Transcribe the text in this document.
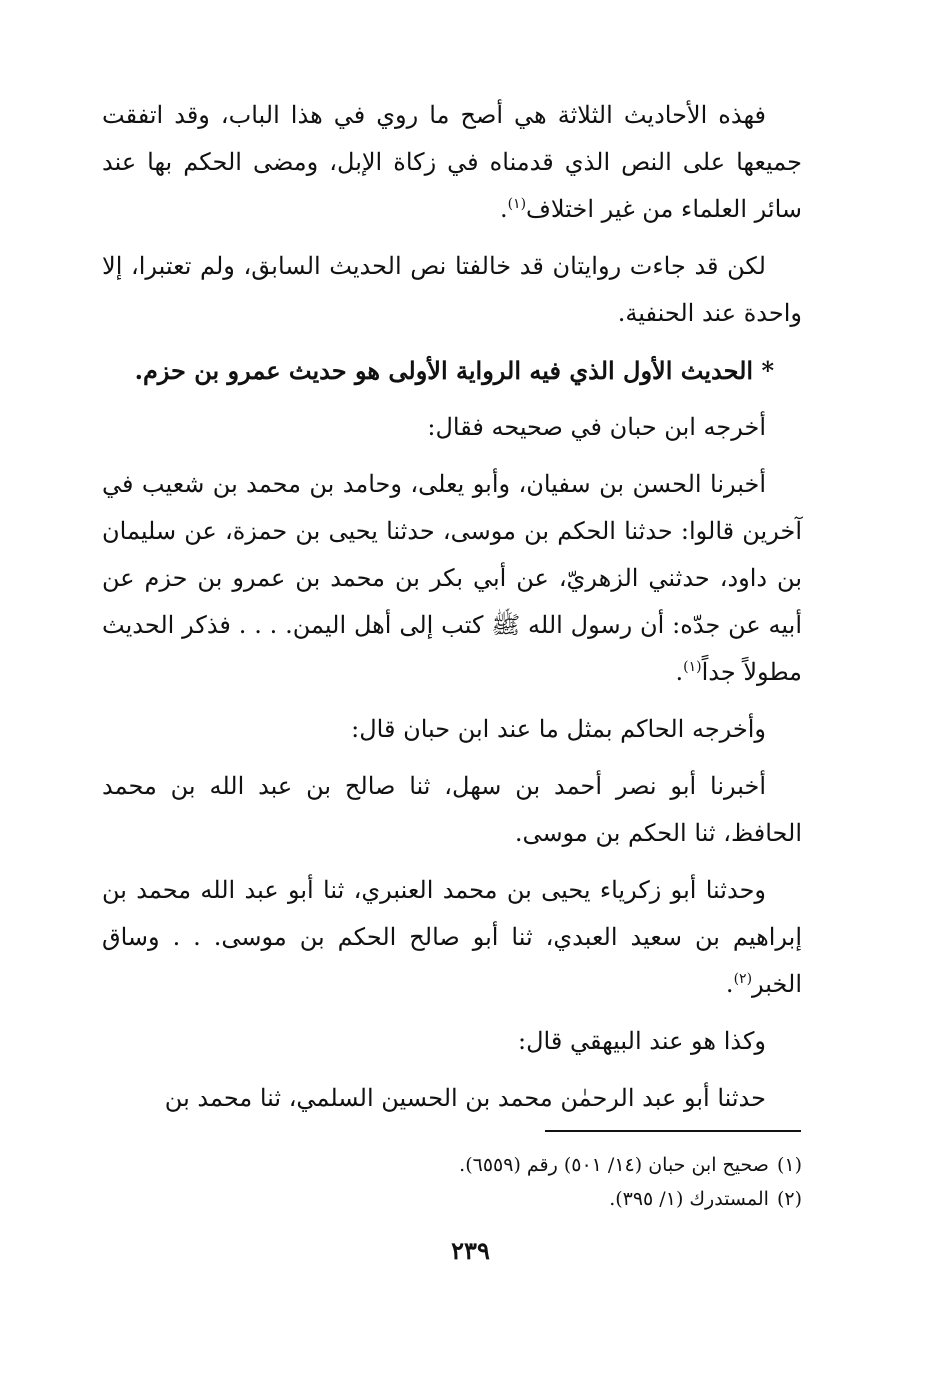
فهذه الأحاديث الثلاثة هي أصح ما روي في هذا الباب، وقد اتفقت جميعها على النص الذي قدمناه في زكاة الإبل، ومضى الحكم بها عند سائر العلماء من غير اختلاف$^{(١)}$.

لكن قد جاءت روايتان قد خالفتا نص الحديث السابق، ولم تعتبرا، إلا واحدة عند الحنفية.

* الحديث الأول الذي فيه الرواية الأولى هو حديث عمرو بن حزم.

أخرجه ابن حبان في صحيحه فقال:

أخبرنا الحسن بن سفيان، وأبو يعلى، وحامد بن محمد بن شعيب في آخرين قالوا: حدثنا الحكم بن موسى، حدثنا يحيى بن حمزة، عن سليمان بن داود، حدثني الزهريّ، عن أبي بكر بن محمد بن عمرو بن حزم عن أبيه عن جدّه: أن رسول الله ﷺ كتب إلى أهل اليمن. . . . فذكر الحديث مطولاً جداً$^{(١)}$.

وأخرجه الحاكم بمثل ما عند ابن حبان قال:

أخبرنا أبو نصر أحمد بن سهل، ثنا صالح بن عبد الله بن محمد الحافظ، ثنا الحكم بن موسى.

وحدثنا أبو زكرياء يحيى بن محمد العنبري، ثنا أبو عبد الله محمد بن إبراهيم بن سعيد العبدي، ثنا أبو صالح الحكم بن موسى. . . وساق الخبر$^{(٢)}$.

وكذا هو عند البيهقي قال:

حدثنا أبو عبد الرحمٰن محمد بن الحسين السلمي، ثنا محمد بن

(١)صحيح ابن حبان (١٤/ ٥٠١) رقم (٦٥٥٩).

(٢)المستدرك (١/ ٣٩٥).

٢٣٩
